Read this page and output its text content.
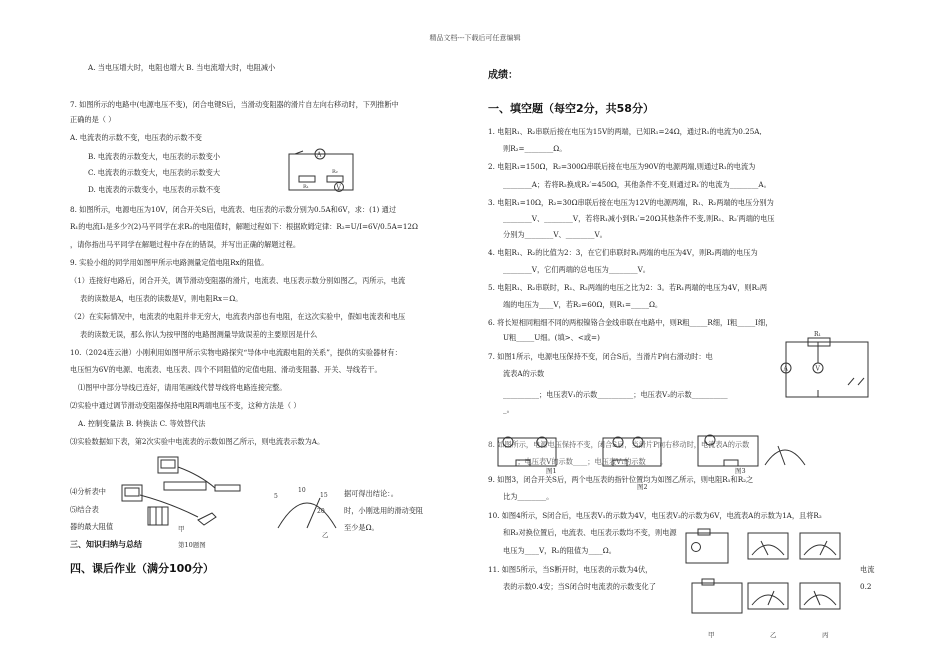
精品文档---下载后可任意编辑
A. 当电压增大时，电阻也增大 B. 当电流增大时，电阻减小
7. 如图所示的电路中(电源电压不变)，闭合电键S后，当滑动变阻器的滑片自左向右移动时，下列推断中
正确的是（ ）
A. 电流表的示数不变，电压表的示数不变
B. 电流表的示数变大，电压表的示数变小
C. 电流表的示数变大，电压表的示数变大
D. 电流表的示数变小，电压表的示数不变
8. 如图所示，电源电压为10V，闭合开关S后，电流表、电压表的示数分别为0.5A和6V，求：(1) 通过
R₁的电流I₁是多少?(2)马平同学在求R₂的电阻值时，解题过程如下：根据欧姆定律：R₂=U/I=6V/0.5A=12Ω
，请你指出马平同学在解题过程中存在的错误，并写出正确的解题过程。
9. 实验小组的同学用如图甲所示电路测量定值电阻Rx的阻值。
（1）连接好电路后，闭合开关，调节滑动变阻器的滑片，电流表、电压表示数分别如图乙，丙所示，电流
表的读数是A，电压表的读数是V，则电阻Rx＝Ω。
（2）在实际情况中，电流表的电阻并非无穷大，电流表内部也有电阻，在这次实验中，假如电流表和电压
表的读数无误，那么你认为按甲图的电路图测量导致误差的主要原因是什么
10.（2024连云港）小刚利用如图甲所示实物电路探究“导体中电流跟电阻的关系”，提供的实验器材有：
电压恒为6V的电源、电流表、电压表、四个不同阻值的定值电阻、滑动变阻器、开关、导线若干。
⑴图甲中部分导线已连好，请用笔画线代替导线将电路连接完整。
⑵实验中通过调节滑动变阻器保持电阻R两端电压不变，这种方法是（ ）
A. 控制变量法 B. 转换法 C. 等效替代法
⑶实验数据如下表，第2次实验中电流表的示数如图乙所示，则电流表示数为A。
⑷分析表中
⑸结合表
器的最大阻值
据可得出结论：。
时，小刚选用的滑动变阻
至少是Ω。
三、知识归纳与总结	第10题图
四、课后作业（满分100分）
A
R₁
R₂
V
甲
5
10
15
20
乙
成绩：
一、填空题（每空2分，共58分）
1. 电阻R₁、R₂串联后接在电压为15V的两端，已知R₁=24Ω，通过R₁的电流为0.25A,
则R₂=________Ω。
2. 电阻R₁=150Ω，R₂=300Ω串联后接在电压为90V的电源两端,则通过R₁的电流为
________A；若将R₂换成R₂′=450Ω，其他条件不变,则通过R₁′的电流为________A。
3. 电阻R₁=10Ω，R₂=30Ω串联后接在电压为12V的电源两端，R₁、R₂两端的电压分别为
________V、________V，若将R₁减小到R₁′=20Ω其他条件不变,则R₁、R₂′两端的电压
分别为________V、________V。
4. 电阻R₁、R₂的比值为2：3，在它们串联时R₁两端的电压为4V，则R₂两端的电压为
________V，它们两端的总电压为________V。
5. 电阻R₁、R₂串联时，R₁、R₂两端的电压之比为2：3。若R₁两端的电压为4V，则R₂两
端的电压为____V，若R₂=60Ω，则R₁=_____Ω。
6. 将长短相同粗细不同的两根镍铬合金线串联在电路中，则R粗_____R细，I粗_____I细，
U粗_____U细。(填>、<或=)
7. 如图1所示，电源电压保持不变，闭合S后，当滑片P向右滑动时：电
流表A的示数
__________；电压表V₁的示数__________；电压表V₂的示数__________
_。
8. 如图所示，电源电压保持不变，闭合S后，当滑片P向右移动时，电流表A的示数
____；电压表V的示数____；电压表V₁的示数____。
9. 如图3，闭合开关S后，两个电压表的指针位置均为如图乙所示，则电阻R₁和R₂之
比为________。
10. 如图4所示，S闭合后，电压表V₁的示数为4V，电压表V₂的示数为6V，电流表A的示数为1A，且将R₂
和R₃对换位置后，电流表、电压表示数均不变，则电源
电压为____V，R₂的阻值为____Ω。
11. 如图5所示，当S断开时，电压表的示数为4伏，
表的示数0.4安；当S闭合时电流表的示数变化了
电流
0.2
R₁
A	V
图1
图2
图3
甲	乙	丙
